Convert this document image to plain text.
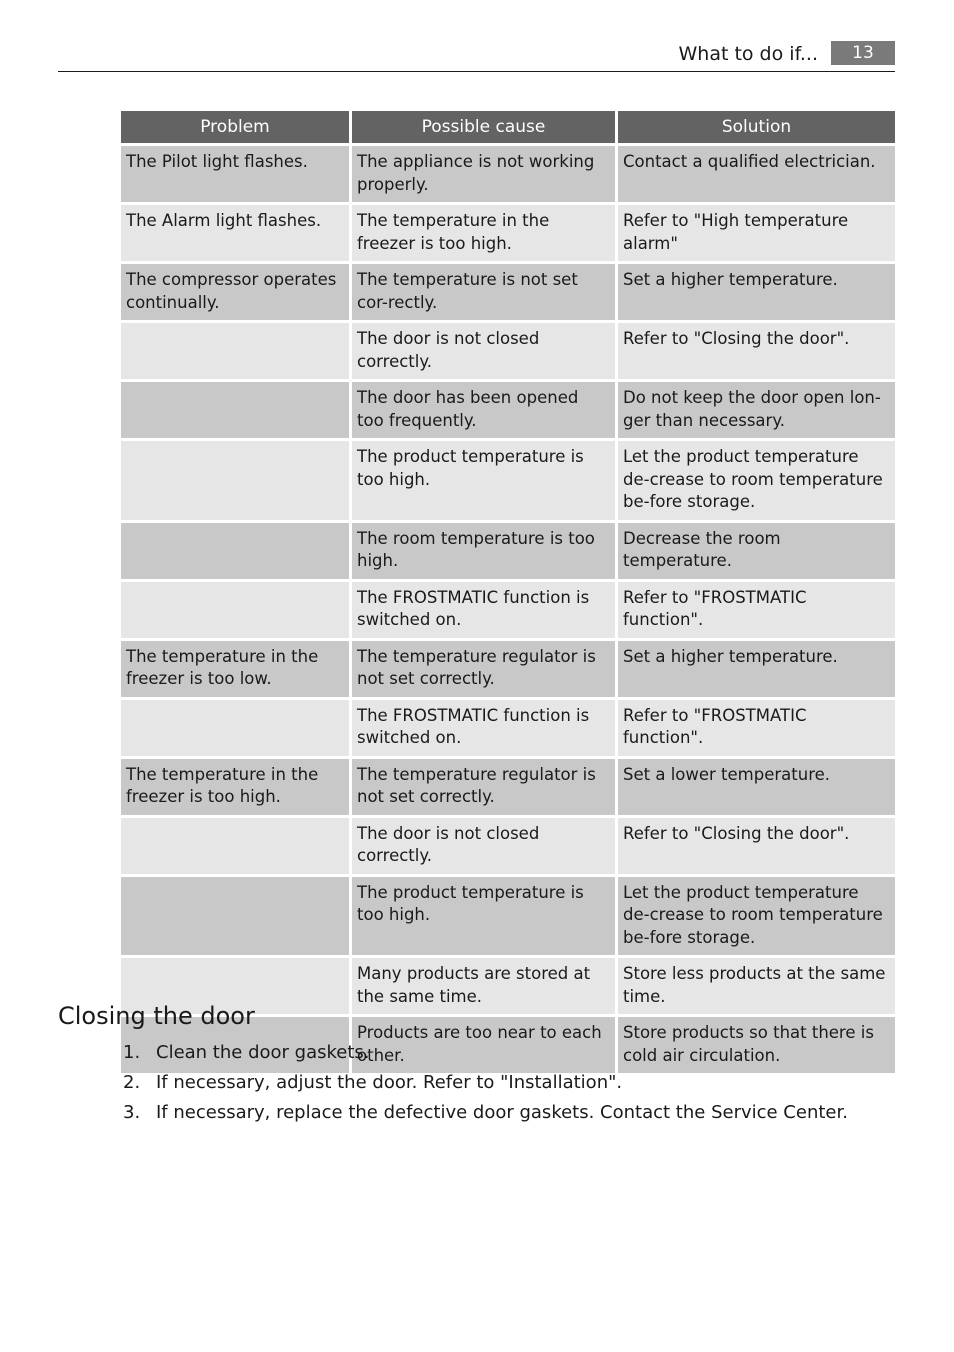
What to do if...	13
Problem	Possible cause	Solution
The Pilot light flashes.	The appliance is not working properly.	Contact a qualified electrician.
The Alarm light flashes.	The temperature in the freezer is too high.	Refer to "High temperature alarm"
The compressor operates continually.	The temperature is not set cor-rectly.	Set a higher temperature.
	The door is not closed correctly.	Refer to "Closing the door".
	The door has been opened too frequently.	Do not keep the door open lon-ger than necessary.
	The product temperature is too high.	Let the product temperature de-crease to room temperature be-fore storage.
	The room temperature is too high.	Decrease the room temperature.
	The FROSTMATIC function is switched on.	Refer to "FROSTMATIC function".
The temperature in the freezer is too low.	The temperature regulator is not set correctly.	Set a higher temperature.
	The FROSTMATIC function is switched on.	Refer to "FROSTMATIC function".
The temperature in the freezer is too high.	The temperature regulator is not set correctly.	Set a lower temperature.
	The door is not closed correctly.	Refer to "Closing the door".
	The product temperature is too high.	Let the product temperature de-crease to room temperature be-fore storage.
	Many products are stored at the same time.	Store less products at the same time.
	Products are too near to each other.	Store products so that there is cold air circulation.
Closing the door
1. Clean the door gaskets.
2. If necessary, adjust the door. Refer to "Installation".
3. If necessary, replace the defective door gaskets. Contact the Service Center.
